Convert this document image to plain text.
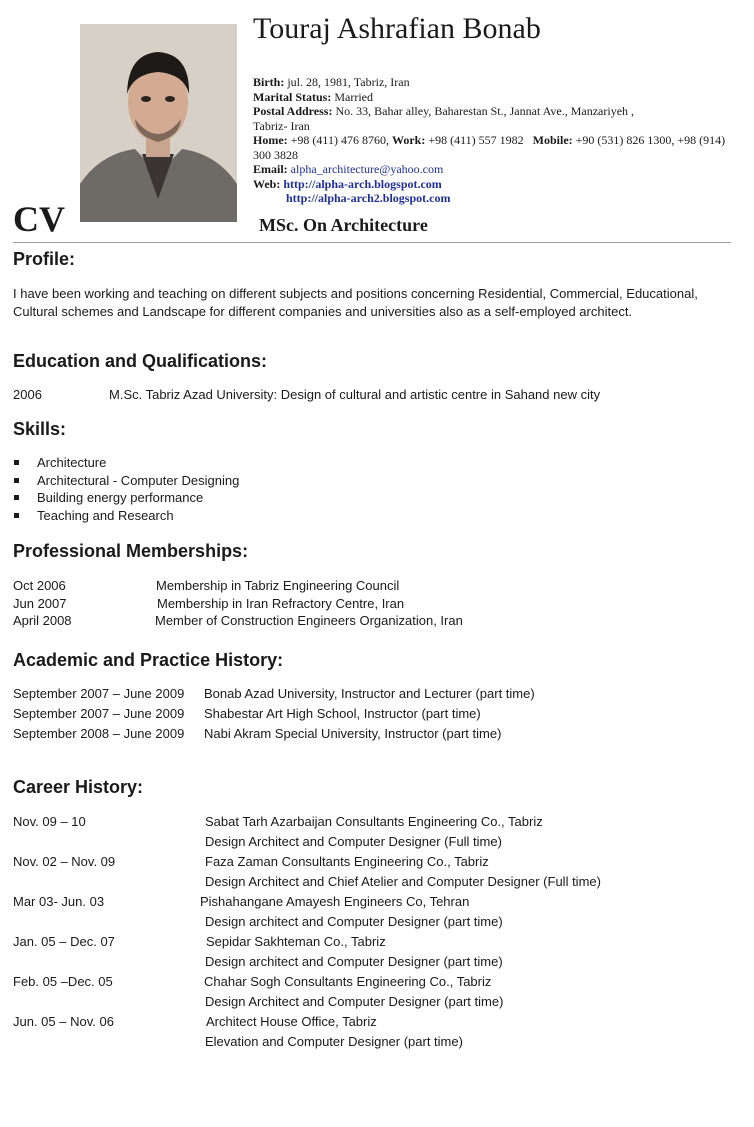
Touraj Ashrafian Bonab
Birth: jul. 28, 1981, Tabriz, Iran
Marital Status: Married
Postal Address: No. 33, Bahar alley, Baharestan St., Jannat Ave., Manzariyeh ,
Tabriz- Iran
Home: +98 (411) 476 8760, Work: +98 (411) 557 1982 Mobile: +90 (531) 826 1300, +98 (914)
300 3828
Email: alpha_architecture@yahoo.com
Web: http://alpha-arch.blogspot.com
http://alpha-arch2.blogspot.com
CV	MSc. On Architecture
Profile:
I have been working and teaching on different subjects and positions concerning Residential, Commercial, Educational, Cultural schemes and Landscape for different companies and universities also as a self-employed architect.
Education and Qualifications:
2006	M.Sc. Tabriz Azad University: Design of cultural and artistic centre in Sahand new city
Skills:
Architecture
Architectural - Computer Designing
Building energy performance
Teaching and Research
Professional Memberships:
Oct 2006	Membership in Tabriz Engineering Council
Jun 2007	Membership in Iran Refractory Centre, Iran
April 2008	Member of Construction Engineers Organization, Iran
Academic and Practice History:
September 2007 – June 2009 Bonab Azad University, Instructor and Lecturer (part time)
September 2007 – June 2009 Shabestar Art High School, Instructor (part time)
September 2008 – June 2009 Nabi Akram Special University, Instructor (part time)
Career History:
Nov. 09 – 10	Sabat Tarh Azarbaijan Consultants Engineering Co., Tabriz
Design Architect and Computer Designer (Full time)
Nov. 02 – Nov. 09	Faza Zaman Consultants Engineering Co., Tabriz
Design Architect and Chief Atelier and Computer Designer (Full time)
Mar 03- Jun. 03	Pishahangane Amayesh Engineers Co, Tehran
Design architect and Computer Designer (part time)
Jan. 05 – Dec. 07	Sepidar Sakhteman Co., Tabriz
Design architect and Computer Designer (part time)
Feb. 05 –Dec. 05	Chahar Sogh Consultants Engineering Co., Tabriz
Design Architect and Computer Designer (part time)
Jun. 05 – Nov. 06	Architect House Office, Tabriz
Elevation and Computer Designer (part time)
